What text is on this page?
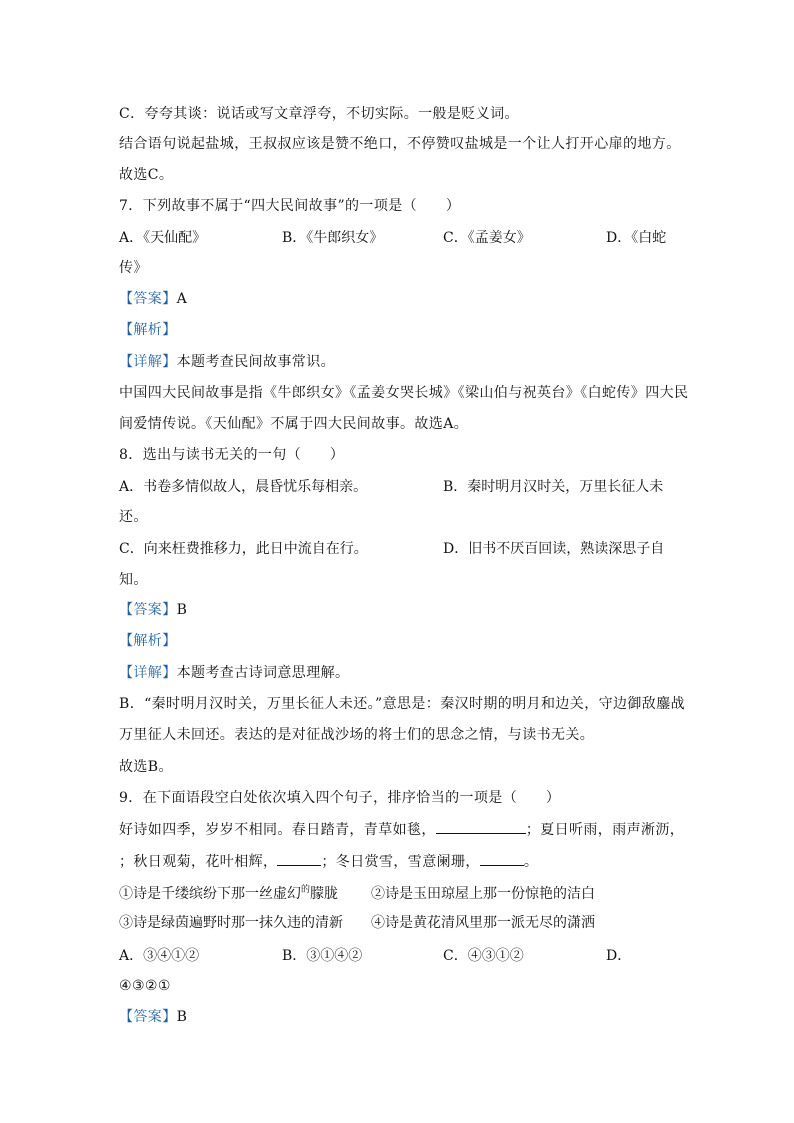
C．夸夸其谈：说话或写文章浮夸，不切实际。一般是贬义词。
结合语句说起盐城，王叔叔应该是赞不绝口，不停赞叹盐城是一个让人打开心扉的地方。
故选C。
7．下列故事不属于“四大民间故事”的一项是（　　）
A．《天仙配》	B．《牛郎织女》	C．《孟姜女》	D．《白蛇
传》
【答案】A
【解析】
【详解】本题考查民间故事常识。
中国四大民间故事是指《牛郎织女》《孟姜女哭长城》《梁山伯与祝英台》《白蛇传》四大民
间爱情传说。《天仙配》不属于四大民间故事。故选A。
8．选出与读书无关的一句（　　）
A．书卷多情似故人，晨昏忧乐每相亲。	B．秦时明月汉时关，万里长征人未
还。
C．向来枉费推移力，此日中流自在行。	D．旧书不厌百回读，熟读深思子自
知。
【答案】B
【解析】
【详解】本题考查古诗词意思理解。
B．“秦时明月汉时关，万里长征人未还。”意思是：秦汉时期的明月和边关，守边御敌鏖战
万里征人未回还。表达的是对征战沙场的将士们的思念之情，与读书无关。
故选B。
9．在下面语段空白处依次填入四个句子，排序恰当的一项是（　　）
好诗如四季，岁岁不相同。春日踏青，青草如毯，	；夏日听雨，雨声淅沥，
；秋日观菊，花叶相辉，	；冬日赏雪，雪意阑珊，	。
①诗是千缕缤纷下那一丝虚幻$^的$朦胧 ②诗是玉田琼屋上那一份惊艳的洁白
③诗是绿茵遍野时那一抹久违的清新 ④诗是黄花清风里那一派无尽的潇洒
A．③④①②	B．③①④②	C．④③①②	D．
④③②①
【答案】B
